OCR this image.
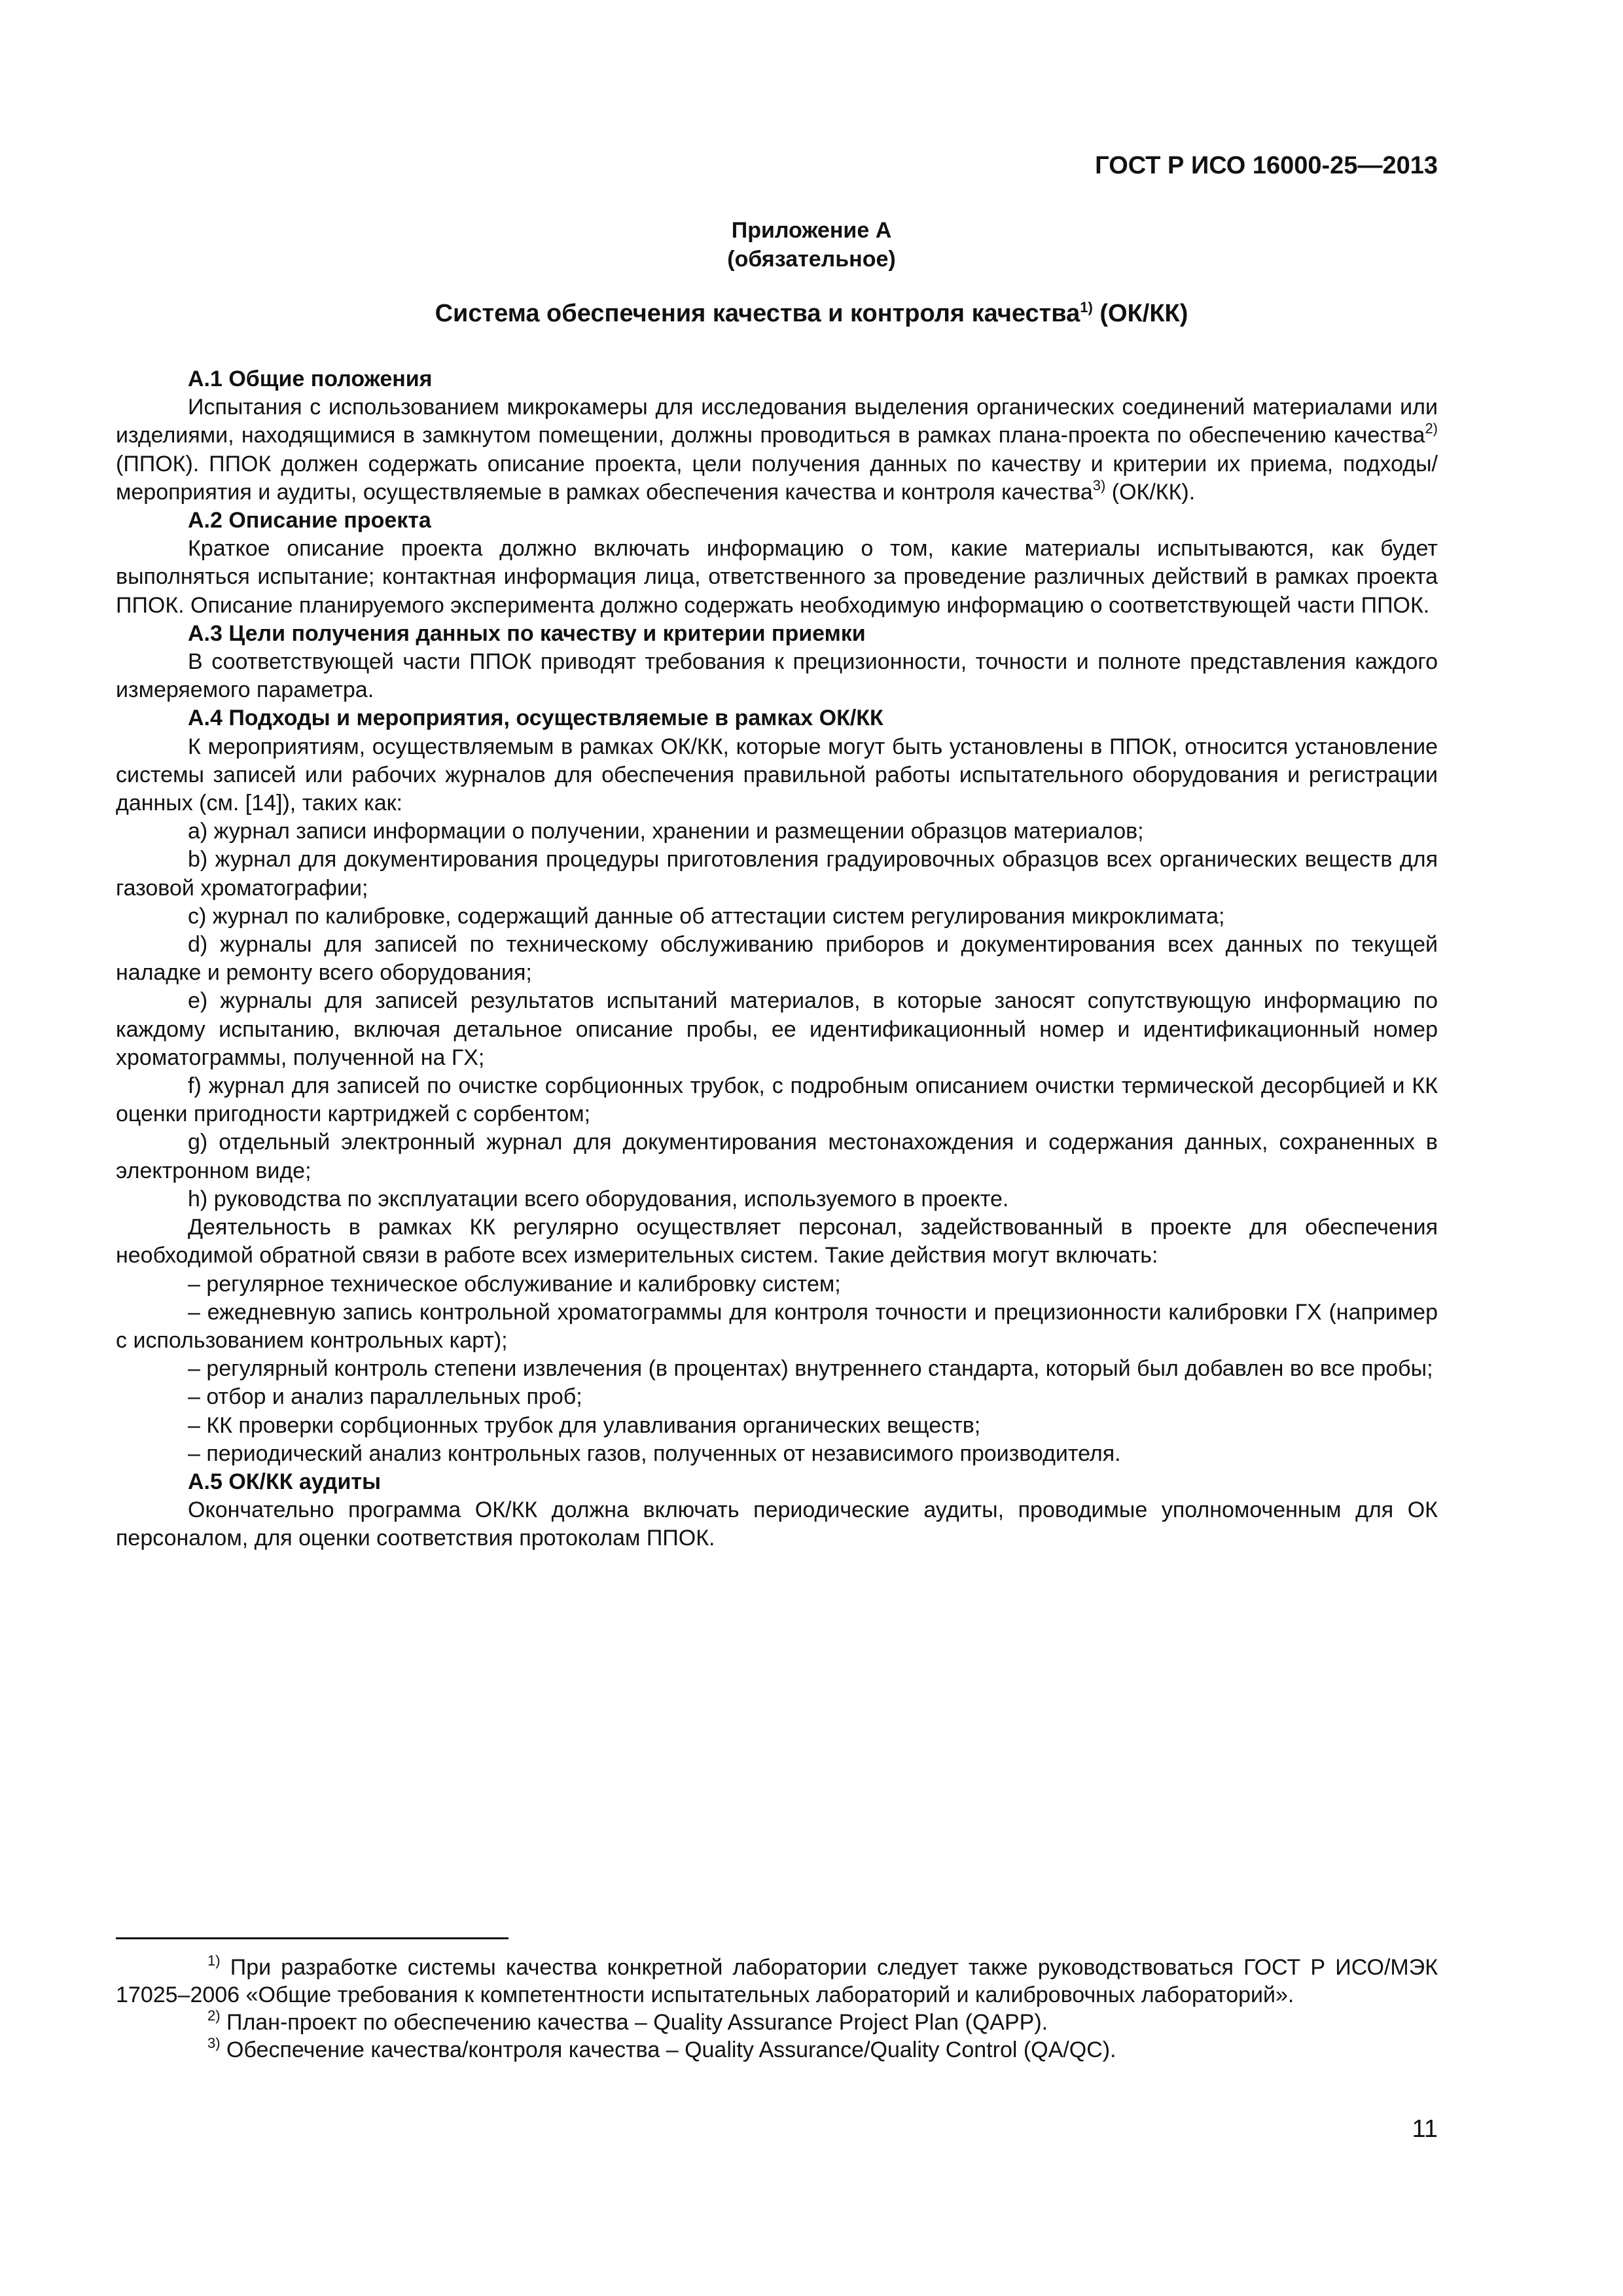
ГОСТ Р ИСО 16000-25—2013
Приложение А
(обязательное)
Система обеспечения качества и контроля качества$^{1)}$ (ОК/КК)

А.1 Общие положения

Испытания с использованием микрокамеры для исследования выделения органических соединений материалами или изделиями, находящимися в замкнутом помещении, должны проводиться в рамках плана-проекта по обеспечению качества$^{2)}$ (ППОК). ППОК должен содержать описание проекта, цели получения данных по качеству и критерии их приема, подходы/мероприятия и аудиты, осуществляемые в рамках обеспечения качества и контроля качества$^{3)}$ (ОК/КК).

А.2 Описание проекта

Краткое описание проекта должно включать информацию о том, какие материалы испытываются, как будет выполняться испытание; контактная информация лица, ответственного за проведение различных действий в рамках проекта ППОК. Описание планируемого эксперимента должно содержать необходимую информацию о соответствующей части ППОК.

А.3 Цели получения данных по качеству и критерии приемки

В соответствующей части ППОК приводят требования к прецизионности, точности и полноте представления каждого измеряемого параметра.

А.4 Подходы и мероприятия, осуществляемые в рамках ОК/КК

К мероприятиям, осуществляемым в рамках ОК/КК, которые могут быть установлены в ППОК, относится установление системы записей или рабочих журналов для обеспечения правильной работы испытательного оборудования и регистрации данных (см. [14]), таких как:

a) журнал записи информации о получении, хранении и размещении образцов материалов;

b) журнал для документирования процедуры приготовления градуировочных образцов всех органических веществ для газовой хроматографии;

c) журнал по калибровке, содержащий данные об аттестации систем регулирования микроклимата;

d) журналы для записей по техническому обслуживанию приборов и документирования всех данных по текущей наладке и ремонту всего оборудования;

e) журналы для записей результатов испытаний материалов, в которые заносят сопутствующую информацию по каждому испытанию, включая детальное описание пробы, ее идентификационный номер и идентификационный номер хроматограммы, полученной на ГХ;

f) журнал для записей по очистке сорбционных трубок, с подробным описанием очистки термической десорбцией и КК оценки пригодности картриджей с сорбентом;

g) отдельный электронный журнал для документирования местонахождения и содержания данных, сохраненных в электронном виде;

h) руководства по эксплуатации всего оборудования, используемого в проекте.

Деятельность в рамках КК регулярно осуществляет персонал, задействованный в проекте для обеспечения необходимой обратной связи в работе всех измерительных систем. Такие действия могут включать:

– регулярное техническое обслуживание и калибровку систем;

– ежедневную запись контрольной хроматограммы для контроля точности и прецизионности калибровки ГХ (например с использованием контрольных карт);

– регулярный контроль степени извлечения (в процентах) внутреннего стандарта, который был добавлен во все пробы;

– отбор и анализ параллельных проб;

– КК проверки сорбционных трубок для улавливания органических веществ;

– периодический анализ контрольных газов, полученных от независимого производителя.

А.5 ОК/КК аудиты

Окончательно программа ОК/КК должна включать периодические аудиты, проводимые уполномоченным для ОК персоналом, для оценки соответствия протоколам ППОК.

$^{1)}$ При разработке системы качества конкретной лаборатории следует также руководствоваться ГОСТ Р ИСО/МЭК 17025–2006 «Общие требования к компетентности испытательных лабораторий и калибровочных лабораторий».

$^{2)}$ План-проект по обеспечению качества – Quality Assurance Project Plan (QAPP).

$^{3)}$ Обеспечение качества/контроля качества – Quality Assurance/Quality Control (QA/QC).

11
